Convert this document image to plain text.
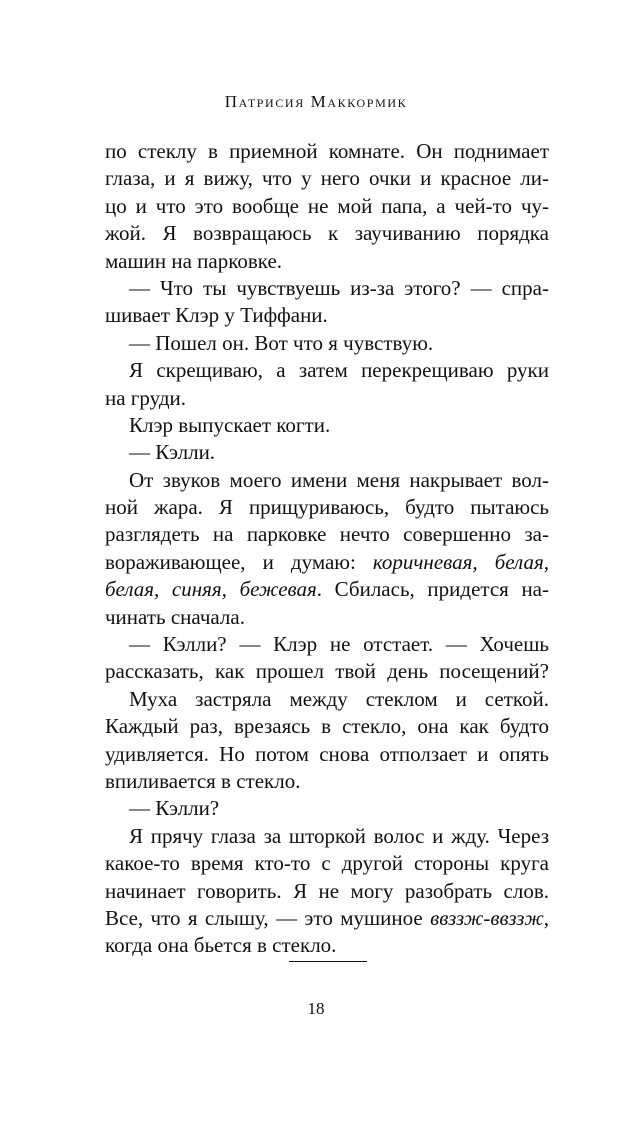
Патрисия Маккормик
по стеклу в приемной комнате. Он поднимает
глаза, и я вижу, что у него очки и красное ли-
цо и что это вообще не мой папа, а чей-то чу-
жой. Я возвращаюсь к заучиванию порядка
машин на парковке.
— Что ты чувствуешь из-за этого? — спра-
шивает Клэр у Тиффани.
— Пошел он. Вот что я чувствую.
Я скрещиваю, а затем перекрещиваю руки
на груди.
Клэр выпускает когти.
— Кэлли.
От звуков моего имени меня накрывает вол-
ной жара. Я прищуриваюсь, будто пытаюсь
разглядеть на парковке нечто совершенно за-
вораживающее, и думаю: коричневая, белая,
белая, синяя, бежевая. Сбилась, придется на-
чинать сначала.
— Кэлли? — Клэр не отстает. — Хочешь
рассказать, как прошел твой день посещений?
Муха застряла между стеклом и сеткой.
Каждый раз, врезаясь в стекло, она как будто
удивляется. Но потом снова отползает и опять
впиливается в стекло.
— Кэлли?
Я прячу глаза за шторкой волос и жду. Через
какое-то время кто-то с другой стороны круга
начинает говорить. Я не могу разобрать слов.
Все, что я слышу, — это мушиное ввззж-ввззж,
когда она бьется в стекло.
18
